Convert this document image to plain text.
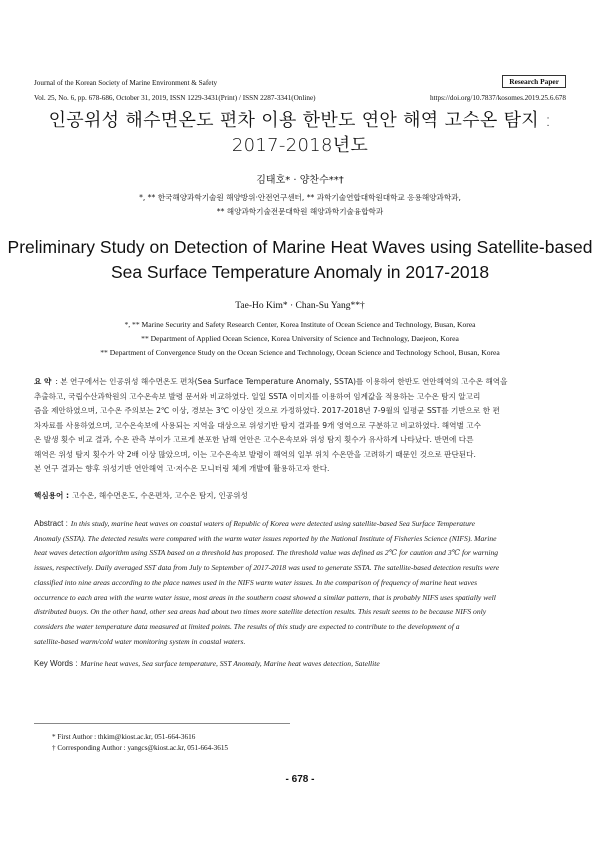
Journal of the Korean Society of Marine Environment & Safety	Research Paper
Vol. 25, No. 6, pp. 678-686, October 31, 2019, ISSN 1229-3431(Print) / ISSN 2287-3341(Online)	https://doi.org/10.7837/kosomes.2019.25.6.678
인공위성 해수면온도 편차 이용 한반도 연안 해역 고수온 탐지 :
2017-2018년도
김태호* · 양찬수**†
*, ** 한국해양과학기술원 해양방위·안전연구센터, ** 과학기술연합대학원대학교 응용해양과학과,
** 해양과학기술전문대학원 해양과학기술융합학과
Preliminary Study on Detection of Marine Heat Waves using Satellite-based
Sea Surface Temperature Anomaly in 2017-2018
Tae-Ho Kim* · Chan-Su Yang**†
*, ** Marine Security and Safety Research Center, Korea Institute of Ocean Science and Technology, Busan, Korea
** Department of Applied Ocean Science, Korea University of Science and Technology, Daejeon, Korea
** Department of Convergence Study on the Ocean Science and Technology, Ocean Science and Technology School, Busan, Korea
요 약 : 본 연구에서는 인공위성 해수면온도 편차(Sea Surface Temperature Anomaly, SSTA)를 이용하여 한반도 연안해역의 고수온 해역을
추출하고, 국립수산과학원의 고수온속보 발령 문서와 비교하였다. 일일 SSTA 이미지를 이용하여 임계값을 적용하는 고수온 탐지 알고리
즘을 제안하였으며, 고수온 주의보는 2℃ 이상, 경보는 3℃ 이상인 것으로 가정하였다. 2017-2018년 7-9월의 일평균 SST를 기반으로 한 편
차자료를 사용하였으며, 고수온속보에 사용되는 지역을 대상으로 위성기반 탐지 결과를 9개 영역으로 구분하고 비교하였다. 해역별 고수
온 발생 횟수 비교 결과, 수온 관측 부이가 고르게 분포한 남해 연안은 고수온속보와 위성 탐지 횟수가 유사하게 나타났다. 반면에 다른
해역은 위성 탐지 횟수가 약 2배 이상 많았으며, 이는 고수온속보 발령이 해역의 일부 위치 수온만을 고려하기 때문인 것으로 판단된다.
본 연구 결과는 향후 위성기반 연안해역 고·저수온 모니터링 체계 개발에 활용하고자 한다.
핵심용어 : 고수온, 해수면온도, 수온편차, 고수온 탐지, 인공위성
Abstract : In this study, marine heat waves on coastal waters of Republic of Korea were detected using satellite-based Sea Surface Temperature
Anomaly (SSTA). The detected results were compared with the warm water issues reported by the National Institute of Fisheries Science (NIFS). Marine
heat waves detection algorithm using SSTA based on a threshold has proposed. The threshold value was defined as 2℃ for caution and 3℃ for warning
issues, respectively. Daily averaged SST data from July to September of 2017-2018 was used to generate SSTA. The satellite-based detection results were
classified into nine areas according to the place names used in the NIFS warm water issues. In the comparison of frequency of marine heat waves
occurrence to each area with the warm water issue, most areas in the southern coast showed a similar pattern, that is probably NIFS uses spatially well
distributed buoys. On the other hand, other sea areas had about two times more satellite detection results. This result seems to be because NIFS only
considers the water temperature data measured at limited points. The results of this study are expected to contribute to the development of a
satellite-based warm/cold water monitoring system in coastal waters.
Key Words : Marine heat waves, Sea surface temperature, SST Anomaly, Marine heat waves detection, Satellite
* First Author : thkim@kiost.ac.kr, 051-664-3616
† Corresponding Author : yangcs@kiost.ac.kr, 051-664-3615
- 678 -
